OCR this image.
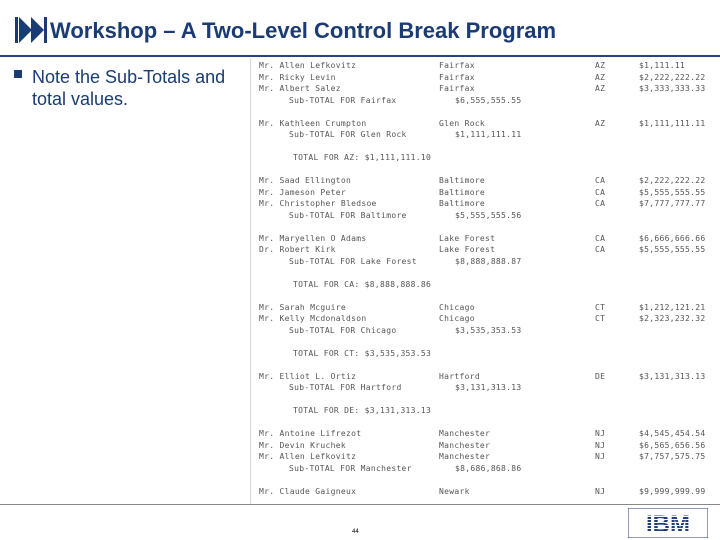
Workshop – A Two-Level Control Break Program
Note the Sub-Totals and total values.
Mr. Allen Lefkovitz	Fairfax	AZ	$1,111.11
Mr. Ricky Levin	Fairfax	AZ	$2,222,222.22
Mr. Albert Salez	Fairfax	AZ	$3,333,333.33
Sub-TOTAL FOR Fairfax	$6,555,555.55
Mr. Kathleen Crumpton	Glen Rock	AZ	$1,111,111.11
Sub-TOTAL FOR Glen Rock	$1,111,111.11
TOTAL FOR AZ: $1,111,111.10
Mr. Saad Ellington	Baltimore	CA	$2,222,222.22
Mr. Jameson Peter	Baltimore	CA	$5,555,555.55
Mr. Christopher Bledsoe	Baltimore	CA	$7,777,777.77
Sub-TOTAL FOR Baltimore	$5,555,555.56
Mr. Maryellen O Adams	Lake Forest	CA	$6,666,666.66
Dr. Robert Kirk	Lake Forest	CA	$5,555,555.55
Sub-TOTAL FOR Lake Forest	$8,888,888.87
TOTAL FOR CA: $8,888,888.86
Mr. Sarah Mcguire	Chicago	CT	$1,212,121.21
Mr. Kelly Mcdonaldson	Chicago	CT	$2,323,232.32
Sub-TOTAL FOR Chicago	$3,535,353.53
TOTAL FOR CT: $3,535,353.53
Mr. Elliot L. Ortiz	Hartford	DE	$3,131,313.13
Sub-TOTAL FOR Hartford	$3,131,313.13
TOTAL FOR DE: $3,131,313.13
Mr. Antoine Lifrezot	Manchester	NJ	$4,545,454.54
Mr. Devin Kruchek	Manchester	NJ	$6,565,656.56
Mr. Allen Lefkovitz	Manchester	NJ	$7,757,575.75
Sub-TOTAL FOR Manchester	$8,686,868.86
Mr. Claude Gaigneux	Newark	NJ	$9,999,999.99
44	IBM
